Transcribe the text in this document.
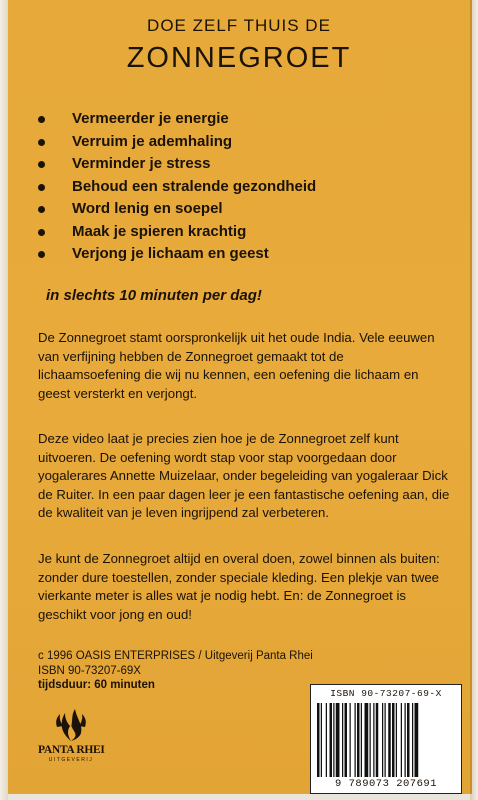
DOE ZELF THUIS DE
ZONNEGROET
Vermeerder je energie
Verruim je ademhaling
Verminder je stress
Behoud een stralende gezondheid
Word lenig en soepel
Maak je spieren krachtig
Verjong je lichaam en geest
in slechts 10 minuten per dag!
De Zonnegroet stamt oorspronkelijk uit het oude India. Vele eeuwen van verfijning hebben de Zonnegroet gemaakt tot de lichaamsoefening die wij nu kennen, een oefening die lichaam en geest versterkt en verjongt.
Deze video laat je precies zien hoe je de Zonnegroet zelf kunt uitvoeren. De oefening wordt stap voor stap voorgedaan door yogalerares Annette Muizelaar, onder begeleiding van yogaleraar Dick de Ruiter. In een paar dagen leer je een fantastische oefening aan, die de kwaliteit van je leven ingrijpend zal verbeteren.
Je kunt de Zonnegroet altijd en overal doen, zowel binnen als buiten: zonder dure toestellen, zonder speciale kleding. Een plekje van twee vierkante meter is alles wat je nodig hebt. En: de Zonnegroet is geschikt voor jong en oud!
c 1996 OASIS ENTERPRISES / Uitgeverij Panta Rhei
ISBN 90-73207-69X
tijdsduur: 60 minuten
PANTA RHEI
UITGEVERIJ
ISBN 90-73207-69-X
9 789073 207691
